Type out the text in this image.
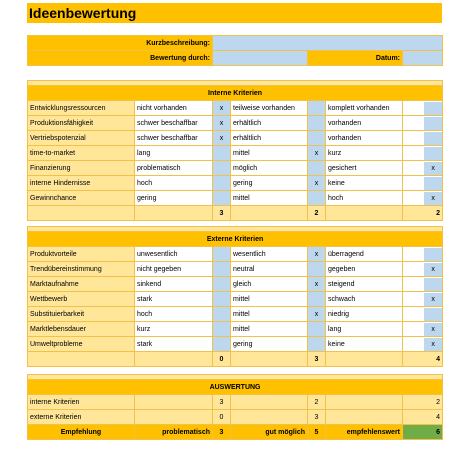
Ideenbewertung
Kurzbeschreibung:			
Bewertung durch:		Datum:	

Interne Kriterien						
Entwicklungsressourcen	nicht vorhanden	x	teilweise vorhanden		komplett vorhanden	

Produktionsfähigkeit	schwer beschaffbar	x	erhältlich		vorhanden	

Vertriebspotenzial	schwer beschaffbar	x	erhältlich		vorhanden	

time-to-market	lang		mittel	x	kurz	

Finanzierung	problematisch		möglich		gesichert	x

interne Hindernisse	hoch		gering	x	keine	

Gewinnchance	gering		mittel		hoch	x

		3		2		2

Externe Kriterien						
Produktvorteile	unwesentlich		wesentlich	x	überragend	

Trendübereinstimmung	nicht gegeben		neutral		gegeben	x

Marktaufnahme	sinkend		gleich	x	steigend	

Wettbewerb	stark		mittel		schwach	x

Substituierbarkeit	hoch		mittel	x	niedrig	

Marktlebensdauer	kurz		mittel		lang	x

Umweltprobleme	stark		gering		keine	x

		0		3		4

AUSWERTUNG						
interne Kriterien		3		2		2
externe Kriterien		0		3		4
Empfehlung	problematisch	3	gut möglich	5	empfehlenswert	6
